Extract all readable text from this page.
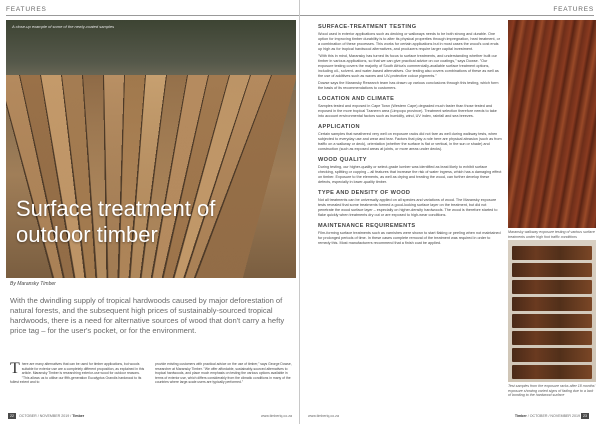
FEATURES
A close-up example of some of the newly-coated samples
Surface treatment of
outdoor timber
By Maransky Timber
With the dwindling supply of tropical hardwoods caused by major deforestation of natural forests, and the subsequent high prices of sustainably-sourced tropical hardwoods, there is a need for alternative sources of wood that don't carry a hefty price tag – for the user's pocket, or for the environment.
There are many alternatives that can be used for timber applications, but woods suitable for exterior use are a completely different proposition, as explained in this article. Maransky Timber is researching exterior-use wood for outdoor reasons. "This allows us to utilise our fifth-generation Eucalyptus Grandis hardwood to its fullest extent and to
provide existing customers with practical advice on the use of timber," says George Dowse, researcher at Maransky Timber. "We offer affordable, sustainably-sourced alternatives to tropical hardwoods, and place much emphasis on testing the various options available in terms of exterior use, which differs considerably from the climatic conditions in many of the countries where large-scale users are typically performed."
22 OCTOBER / NOVEMBER 2019 / Timber	www.timberiq.co.za
FEATURES
SURFACE-TREATMENT TESTING

Wood used in exterior applications such as decking or walkways needs to be both strong and durable. One option for improving timber durability is to alter its physical properties through impregnation, heat treatment, or a combination of these processes. This works for certain applications but in most cases the wood's cost ends up high as for tropical hardwood alternatives, and producers require larger capital investment.

"With this in mind, Maransky has turned its focus to surface treatments, and understanding whether built our timber in various applications, so that we can give practical advice on our coatings," says Dowse. "Our exposure testing covers the majority of South Africa's commercially-available surface treatment options, including oil-, solvent- and water-based alternatives. Our testing also covers combinations of these as well as the use of additives such as waxes and UV-protective colour pigments."

Dowse says the Maransky Research team has drawn up various conclusions through this testing, which form the basis of its recommendations to customers.

LOCATION AND CLIMATE

Samples tested and exposed in Cape Town (Western Cape) degraded much faster than those tested and exposed in the more tropical Tzaneen area (Limpopo province). Treatment selection therefore needs to take into account environmental factors such as humidity, wind, UV index, rainfall and sea breezes.

APPLICATION

Certain samples that weathered very well on exposure racks did not fare as well during walkway tests, when subjected to everyday use and wear and tear. Factors that play a role here are physical abrasion (such as from traffic on a walkway or deck), orientation (whether the surface is flat or vertical, in the sun or shade) and construction (such as exposed areas at joints, or more areas under decks).

WOOD QUALITY

During testing, our higher-quality or select-grade lumber was identified as least likely to exhibit surface checking, splitting or cupping – all features that increase the risk of water ingress, which has a damaging effect on timber. Exposure to the elements, as well as drying and treating the wood, can further develop these defects, especially in lower-quality timber.

TYPE AND DENSITY OF WOOD

Not all treatments can be universally applied on all species and variations of wood. The Maransky exposure tests revealed that some treatments formed a good-looking surface layer on the treatment, but did not penetrate the wood surface layer – especially on higher-density hardwoods. The wood is therefore started to flake quickly when treatments dry out or are exposed to high-wear conditions.

MAINTENANCE REQUIREMENTS

Film-forming surface treatments such as varnishes were shown to start flaking or peeling when not maintained for prolonged periods of time. In these cases complete removal of the treatment was required in order to remedy this. Most manufacturers recommend that a finish coat be applied.

Maransky walkway exposure testing of various surface treatments under high foot traffic conditions
Test samples from the exposure racks after 18 months' exposure showing varied signs of fading due to a lack of bonding to the hardwood surface
www.timberiq.co.za	Timber / OCTOBER / NOVEMBER 2019 23
